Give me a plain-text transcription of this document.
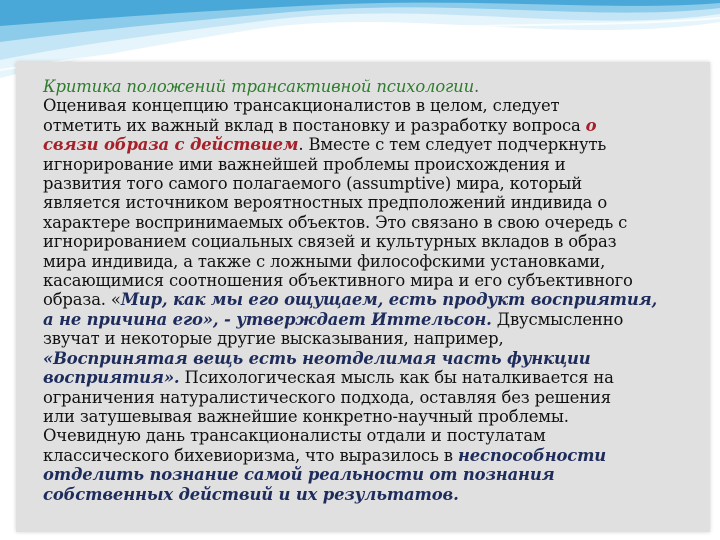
Критика положений трансактивной психологии.
Оценивая концепцию трансакционалистов в целом, следует
отметить их важный вклад в постановку и разработку вопроса о
связи образа с действием. Вместе с тем следует подчеркнуть
игнорирование ими важнейшей проблемы происхождения и
развития того самого полагаемого (assumptive) мира, который
является источником вероятностных предположений индивида о
характере воспринимаемых объектов. Это связано в свою очередь с
игнорированием социальных связей и культурных вкладов в образ
мира индивида, а также с ложными философскими установками,
касающимися соотношения объективного мира и его субъективного
образа. «Мир, как мы его ощущаем, есть продукт восприятия,
а не причина его», - утверждает Иттельсон. Двусмысленно
звучат и некоторые другие высказывания, например,
«Воспринятая вещь есть неотделимая часть функции
восприятия». Психологическая мысль как бы наталкивается на
ограничения натуралистического подхода, оставляя без решения
или затушевывая важнейшие конкретно-научный проблемы.
Очевидную дань трансакционалисты отдали и постулатам
классического бихевиоризма, что выразилось в неспособности
отделить познание самой реальности от познания
собственных действий и их результатов.
